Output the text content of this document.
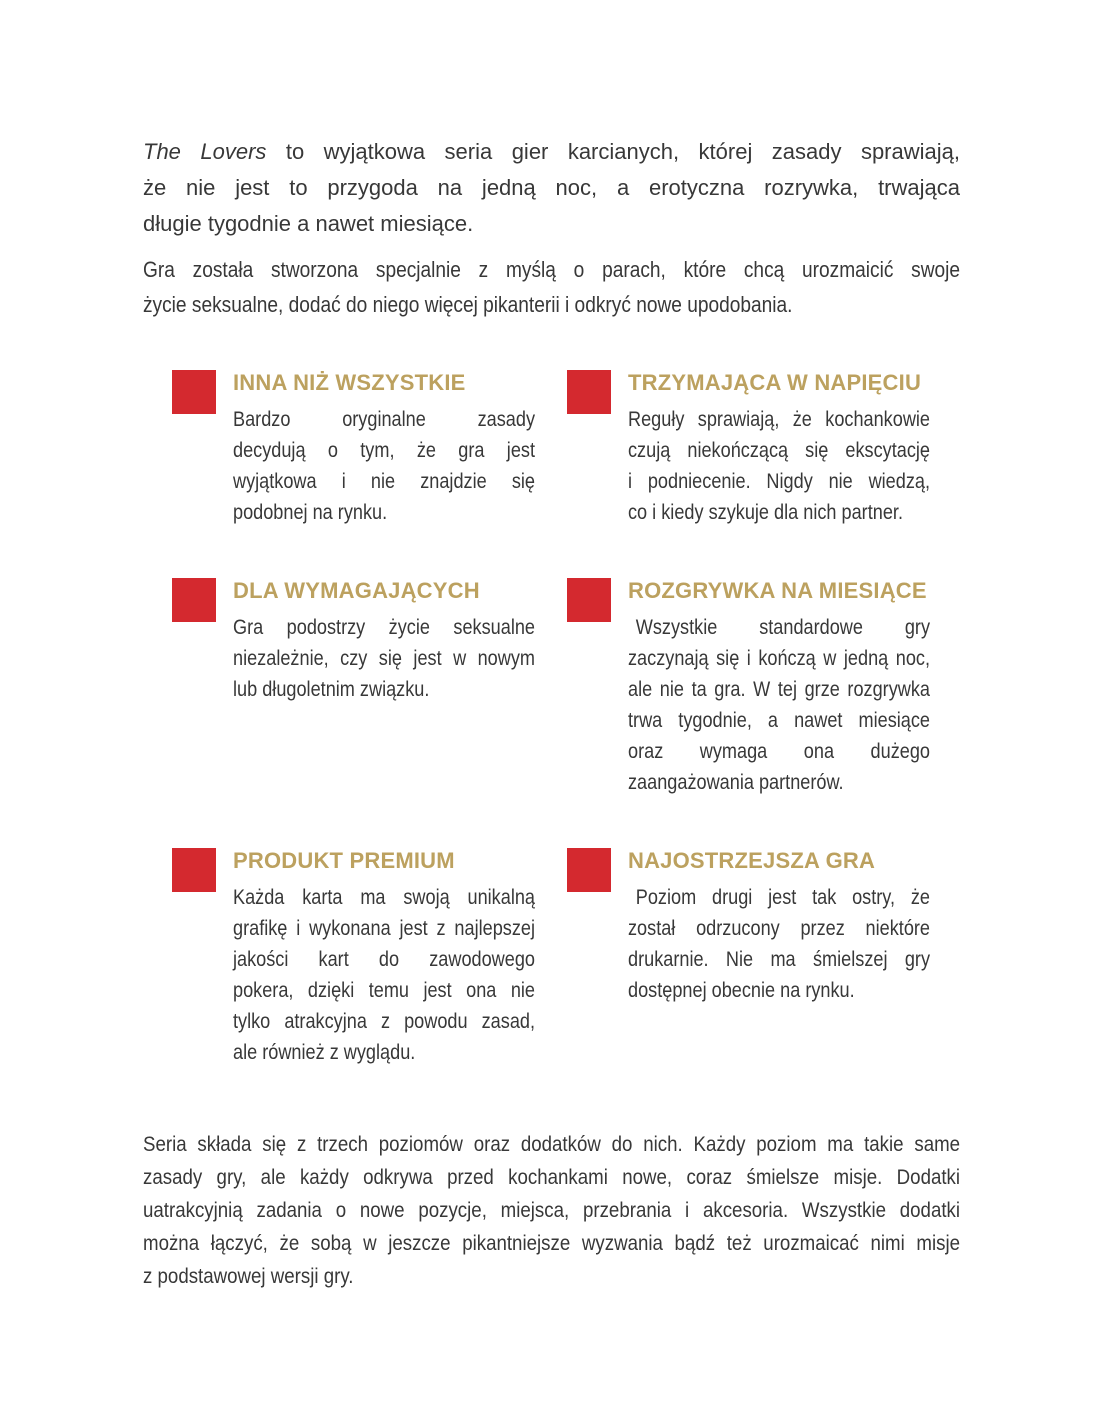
The Lovers to wyjątkowa seria gier karcianych, której zasady sprawiają,
że nie jest to przygoda na jedną noc, a erotyczna rozrywka, trwająca
długie tygodnie a nawet miesiące.
Gra została stworzona specjalnie z myślą o parach, które chcą urozmaicić swoje
życie seksualne, dodać do niego więcej pikanterii i odkryć nowe upodobania.
INNA NIŻ WSZYSTKIE
Bardzo oryginalne zasady
decydują o tym, że gra jest
wyjątkowa i nie znajdzie się
podobnej na rynku.
TRZYMAJĄCA W NAPIĘCIU
Reguły sprawiają, że kochankowie
czują niekończącą się ekscytację
i podniecenie. Nigdy nie wiedzą,
co i kiedy szykuje dla nich partner.
DLA WYMAGAJĄCYCH
Gra podostrzy życie seksualne
niezależnie, czy się jest w nowym
lub długoletnim związku.
ROZGRYWKA NA MIESIĄCE
Wszystkie standardowe gry
zaczynają się i kończą w jedną noc,
ale nie ta gra. W tej grze rozgrywka
trwa tygodnie, a nawet miesiące
oraz wymaga ona dużego
zaangażowania partnerów.
PRODUKT PREMIUM
Każda karta ma swoją unikalną
grafikę i wykonana jest z najlepszej
jakości kart do zawodowego
pokera, dzięki temu jest ona nie
tylko atrakcyjna z powodu zasad,
ale również z wyglądu.
NAJOSTRZEJSZA GRA
Poziom drugi jest tak ostry, że
został odrzucony przez niektóre
drukarnie. Nie ma śmielszej gry
dostępnej obecnie na rynku.
Seria składa się z trzech poziomów oraz dodatków do nich. Każdy poziom ma takie same
zasady gry, ale każdy odkrywa przed kochankami nowe, coraz śmielsze misje. Dodatki
uatrakcyjnią zadania o nowe pozycje, miejsca, przebrania i akcesoria. Wszystkie dodatki
można łączyć, że sobą w jeszcze pikantniejsze wyzwania bądź też urozmaicać nimi misje
z podstawowej wersji gry.
